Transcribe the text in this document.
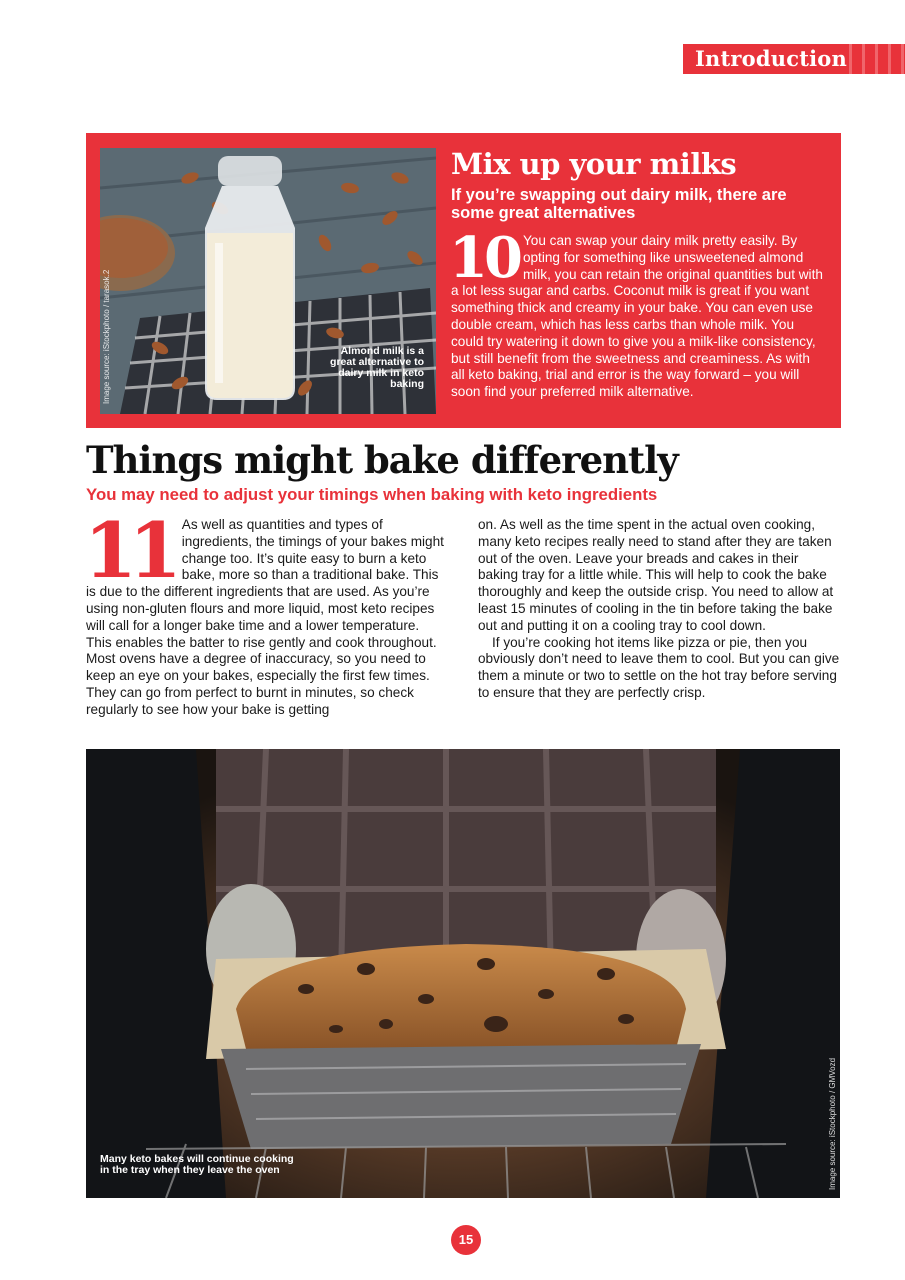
Introduction
Almond milk is a great alternative to dairy milk in keto baking
Image source: iStockphoto / tarasok.2
Mix up your milks

If you’re swapping out dairy milk, there are some great alternatives

10 You can swap your dairy milk pretty easily. By opting for something like unsweetened almond milk, you can retain the original quantities but with a lot less sugar and carbs. Coconut milk is great if you want something thick and creamy in your bake. You can even use double cream, which has less carbs than whole milk. You could try watering it down to give you a milk-like consistency, but still benefit from the sweetness and creaminess. As with all keto baking, trial and error is the way forward – you will soon find your preferred milk alternative.
Things might bake differently

You may need to adjust your timings when baking with keto ingredients

11 As well as quantities and types of ingredients, the timings of your bakes might change too. It’s quite easy to burn a keto bake, more so than a traditional bake. This is due to the different ingredients that are used. As you’re using non-gluten flours and more liquid, most keto recipes will call for a longer bake time and a lower temperature. This enables the batter to rise gently and cook throughout. Most ovens have a degree of inaccuracy, so you need to keep an eye on your bakes, especially the first few times. They can go from perfect to burnt in minutes, so check regularly to see how your bake is getting

on. As well as the time spent in the actual oven cooking, many keto recipes really need to stand after they are taken out of the oven. Leave your breads and cakes in their baking tray for a little while. This will help to cook the bake thoroughly and keep the outside crisp. You need to allow at least 15 minutes of cooling in the tin before taking the bake out and putting it on a cooling tray to cool down.

If you’re cooking hot items like pizza or pie, then you obviously don’t need to leave them to cool. But you can give them a minute or two to settle on the hot tray before serving to ensure that they are perfectly crisp.

Many keto bakes will continue cooking in the tray when they leave the oven	Image source: iStockphoto / GMVozd
15
